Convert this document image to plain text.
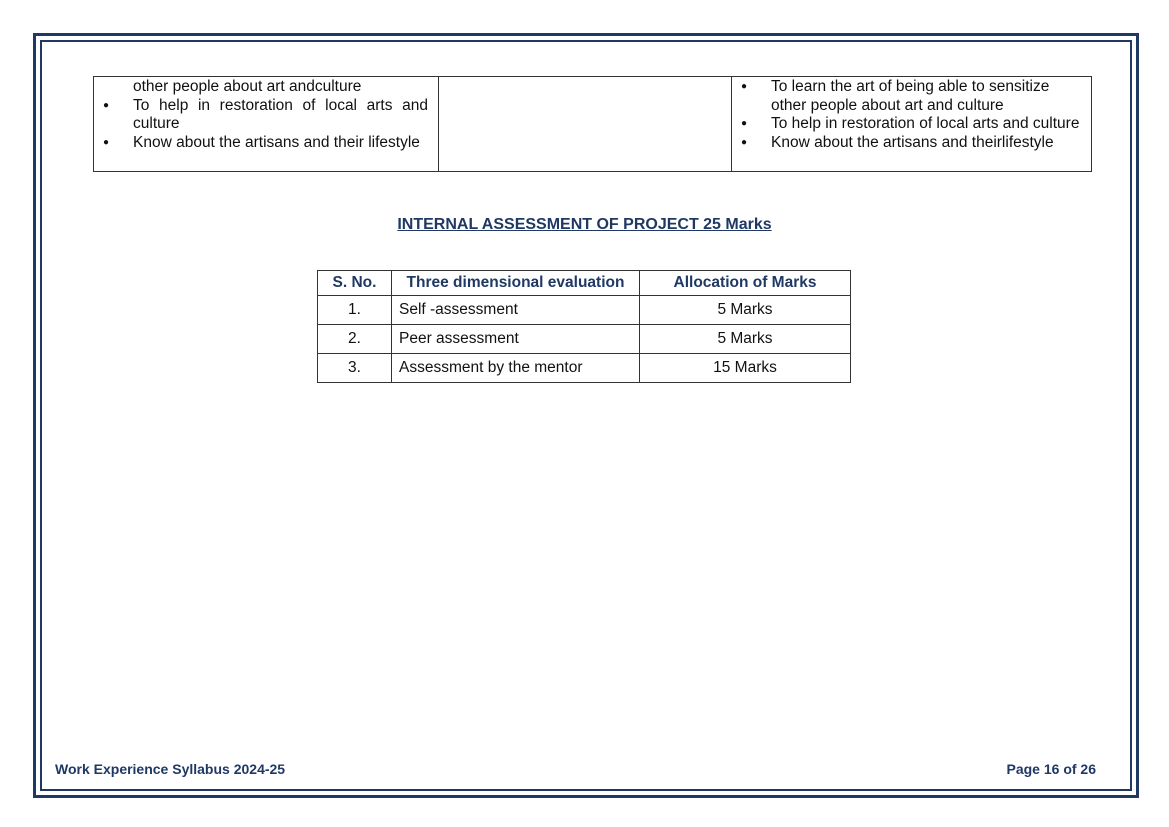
other people about art andculture
● To help in restoration of local arts and culture
● Know about the artisans and their lifestyle

● To learn the art of being able to sensitize other people about art and culture
● To help in restoration of local arts and culture
● Know about the artisans and theirlifestyle
INTERNAL ASSESSMENT OF PROJECT 25 Marks
S. No.	Three dimensional evaluation	Allocation of Marks
1.	Self -assessment	5 Marks
2.	Peer assessment	5 Marks
3.	Assessment by the mentor	15 Marks
Work Experience Syllabus 2024-25	Page 16 of 26
